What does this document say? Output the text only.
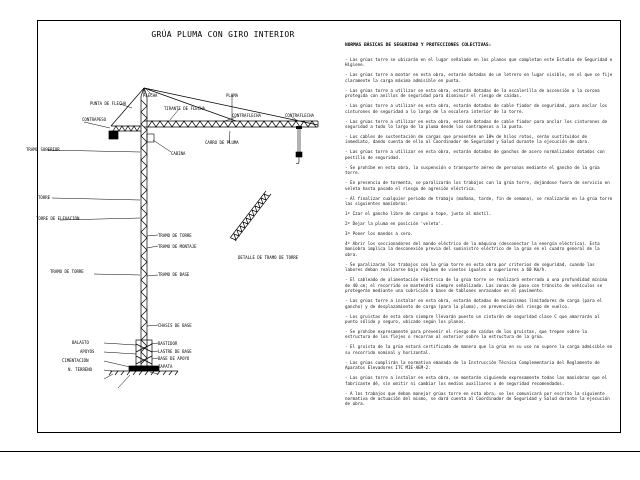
GRÚA PLUMA CON GIRO INTERIOR
PUNTA DE FLECHA
FLECHA	PLUMA
TIRANTE DE FLECHA
CONTRAFLECHA	CONTRAFLECHA
CONTRAPESO
CARRO DE PLUMA
CABINA
TRAMO SUPERIOR
TORRE
TORRE DE ELEVACIÓN
TRAMO DE TORRE
TRAMO DE MONTAJE
TRAMO DE TORRE
TRAMO DE BASE
DETALLE DE TRAMO DE TORRE
CHASIS DE BASE
BASTIDOR
LASTRE DE BASE
BASE DE APOYO
ZAPATA
BALASTO
APOYOS
CIMENTACIÓN
N. TERRENO
NORMAS BÁSICAS DE SEGURIDAD Y PROTECCIONES COLECTIVAS:

- Las grúas torre se ubicarán en el lugar señalado en los planos que completan este Estudio de Seguridad e Higiene.

- Las grúas torre a montar en esta obra, estarán dotadas de un letrero en lugar visible, en el que se fije claramente la carga máxima admisible en punta.

- Las grúas torre a utilizar en esta obra, estarán dotadas de la escalerilla de ascensión a la corona protegida con anillos de seguridad para disminuir el riesgo de caídas.

- Las grúas torre a utilizar en esta obra, estarán dotadas de cable fiador de seguridad, para anclar los cinturones de seguridad a lo largo de la escalera interior de la torre.

- Las grúas torre a utilizar en esta obra, estarán dotadas de cable fiador para anclar los cinturones de seguridad a todo lo largo de la pluma desde los contrapesos a la punta.

- Los cables de sustentación de cargas que presenten un 10% de hilos rotos, serán sustituidos de inmediato, dando cuenta de ello al Coordinador de Seguridad y Salud durante la ejecución de obra.

- Las grúas torre a utilizar en esta obra, estarán dotadas de ganchos de acero normalizados dotados con pestillo de seguridad.

- Se prohíbe en esta obra, la suspensión o transporte aéreo de personas mediante el gancho de la grúa torre.

- En presencia de tormenta, se paralizarán los trabajos con la grúa torre, dejándose fuera de servicio en veleta hasta pasado el riesgo de agresión eléctrica.

- Al finalizar cualquier periodo de trabajo (mañana, tarde, fin de semana), se realizarán en la grúa torre las siguientes maniobras:

1º Izar el gancho libre de cargas a tope, junto al mástil.

2º Dejar la pluma en posición 'veleta'.

3º Poner los mandos a cero.

4º Abrir los seccionadores del mando eléctrico de la máquina (desconectar la energía eléctrica). Esta maniobra implica la desconexión previa del suministro eléctrico de la grúa en el cuadro general de la obra.

- Se paralizarán los trabajos con la grúa torre en esta obra por criterios de seguridad, cuando las labores deban realizarse bajo régimen de vientos iguales o superiores a 60 Km/h.

- El cableado de alimentación eléctrica de la grúa torre se realizará enterrado a una profundidad mínima de 40 cm; el recorrido se mantendrá siempre señalizado. Las zonas de paso con tránsito de vehículos se protegerán mediante una cubrición a base de tablones enrasados en el pavimento.

- Las grúas torre a instalar en esta obra, estarán dotadas de mecanismos limitadores de carga (para el gancho) y de desplazamiento de carga (para la pluma), en prevención del riesgo de vuelco.

- Los gruistas de esta obra siempre llevarán puesto un cinturón de seguridad clase C que amarrarán al punto sólido y seguro, ubicado según los planos.

- Se prohíbe expresamente para prevenir el riesgo de caídas de los gruistas, que trepen sobre la estructura de los flejes o recorran al exterior sobre la estructura de la grúa.

- El gruista de la grúa estará certificado de manera que la grúa en su uso no supere la carga admisible en su recorrido nominal y horizontal.

- Las grúas cumplirán la normativa emanada de la Instrucción Técnica Complementaria del Reglamento de Aparatos Elevadores ITC MIE-AEM-2.

- Las grúas torre a instalar en esta obra, se montarán siguiendo expresamente todas las maniobras que el fabricante dé, sin omitir ni cambiar los medios auxiliares o de seguridad recomendados.

- A los trabajos que deban manejar grúas torre en esta obra, se les comunicará por escrito la siguiente normativa de actuación del mismo, se dará cuenta al Coordinador de Seguridad y Salud durante la ejecución de obra.
